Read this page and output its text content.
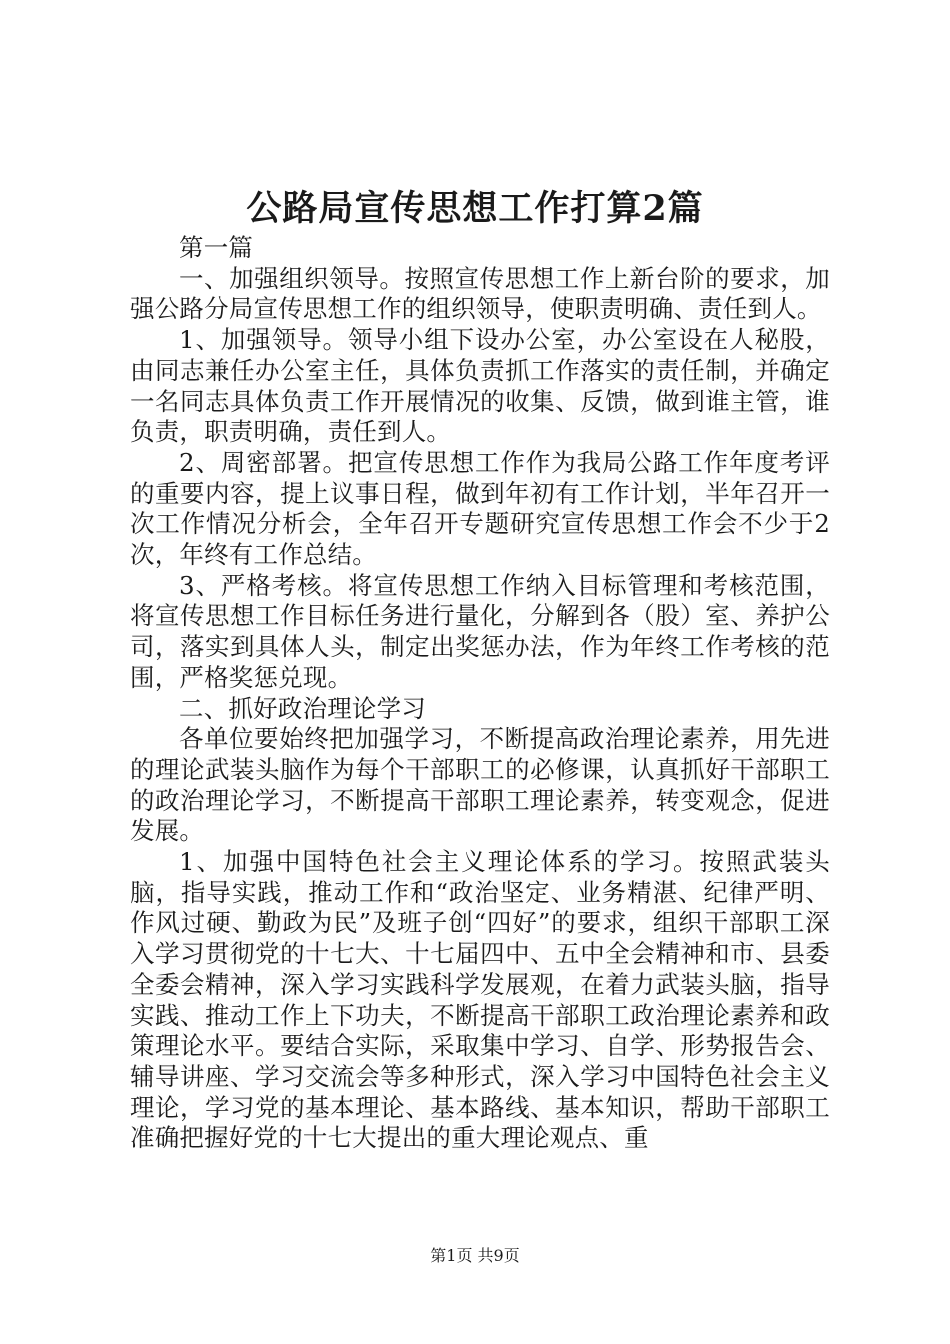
公路局宣传思想工作打算2篇

第一篇

一、加强组织领导。按照宣传思想工作上新台阶的要求，加强公路分局宣传思想工作的组织领导，使职责明确、责任到人。

1、加强领导。领导小组下设办公室，办公室设在人秘股，由同志兼任办公室主任，具体负责抓工作落实的责任制，并确定一名同志具体负责工作开展情况的收集、反馈，做到谁主管，谁负责，职责明确，责任到人。

2、周密部署。把宣传思想工作作为我局公路工作年度考评的重要内容，提上议事日程，做到年初有工作计划，半年召开一次工作情况分析会，全年召开专题研究宣传思想工作会不少于2次，年终有工作总结。

3、严格考核。将宣传思想工作纳入目标管理和考核范围，将宣传思想工作目标任务进行量化，分解到各（股）室、养护公司，落实到具体人头，制定出奖惩办法，作为年终工作考核的范围，严格奖惩兑现。

二、抓好政治理论学习

各单位要始终把加强学习，不断提高政治理论素养，用先进的理论武装头脑作为每个干部职工的必修课，认真抓好干部职工的政治理论学习，不断提高干部职工理论素养，转变观念，促进发展。

1、加强中国特色社会主义理论体系的学习。按照武装头脑，指导实践，推动工作和“政治坚定、业务精湛、纪律严明、作风过硬、勤政为民”及班子创“四好”的要求，组织干部职工深入学习贯彻党的十七大、十七届四中、五中全会精神和市、县委全委会精神，深入学习实践科学发展观，在着力武装头脑，指导实践、推动工作上下功夫，不断提高干部职工政治理论素养和政策理论水平。要结合实际，采取集中学习、自学、形势报告会、辅导讲座、学习交流会等多种形式，深入学习中国特色社会主义理论，学习党的基本理论、基本路线、基本知识，帮助干部职工准确把握好党的十七大提出的重大理论观点、重

第1页 共9页
